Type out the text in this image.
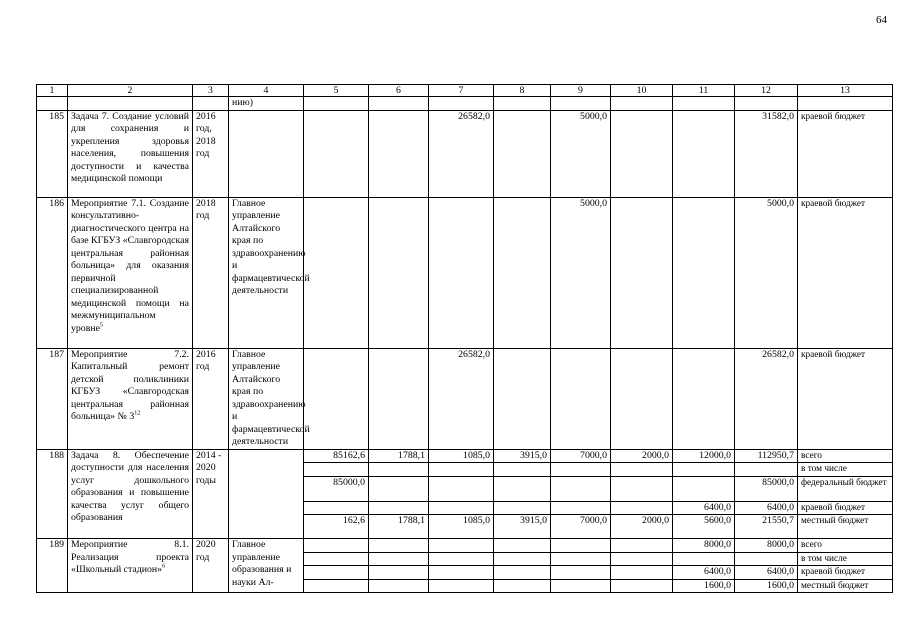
64
1	2	3	4	5	6	7	8	9	10	11	12	13
			нию)									
185	Задача 7. Создание условий для сохранения и укрепления здоровья населения, повышения доступности и качества медицинской помощи	2016 год, 2018 год				26582,0		5000,0			31582,0	краевой бюджет
186	Мероприятие 7.1. Создание консультативно-диагностического центра на базе КГБУЗ «Славгородская центральная районная больница» для оказания первичной специализированной медицинской помощи на межмуниципальном уровне$^5$	2018 год	Главное управление Алтайского края по здравоохранению и фармацевтической деятельности					5000,0			5000,0	краевой бюджет
187	Мероприятие 7.2. Капитальный ремонт детской поликлиники КГБУЗ «Славгородская центральная районная больница» № $3^{12}$	2016 год	Главное управление Алтайского края по здравоохранению и фармацевтической деятельности			26582,0					26582,0	краевой бюджет
188	Задача 8. Обеспечение доступности для населения услуг дошкольного образования и повышение качества услуг общего образования	2014 - 2020 годы		85162,6	1788,1	1085,0	3915,0	7000,0	2000,0	12000,0	112950,7	всего
												в том числе
				85000,0							85000,0	федеральный бюджет
										6400,0	6400,0	краевой бюджет
				162,6	1788,1	1085,0	3915,0	7000,0	2000,0	5600,0	21550,7	местный бюджет
189	Мероприятие 8.1. Реализация проекта «Школьный стадион»$^6$	2020 год	Главное управление образования и науки Ал-							8000,0	8000,0	всего
												в том числе
										6400,0	6400,0	краевой бюджет
										1600,0	1600,0	местный бюджет
